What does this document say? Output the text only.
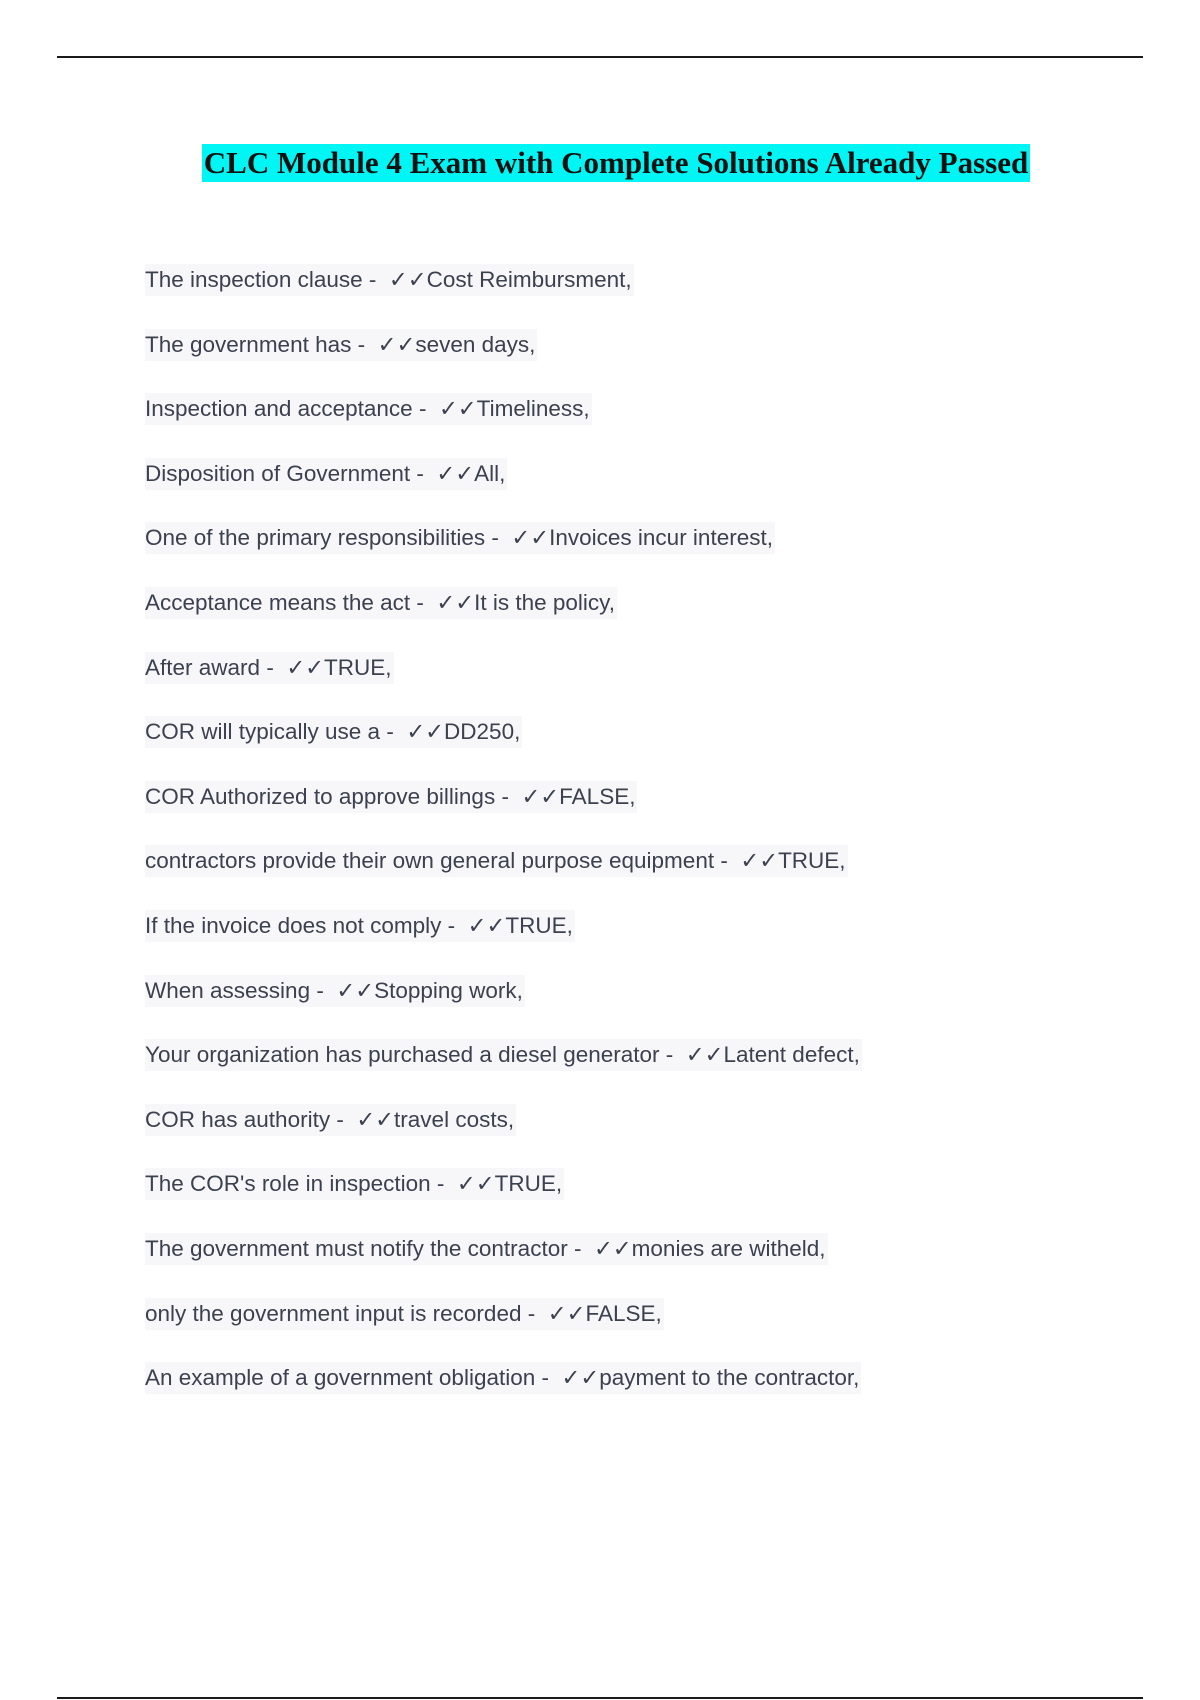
CLC Module 4 Exam with Complete Solutions Already Passed
The inspection clause -  ✓✓Cost Reimbursment,
The government has -  ✓✓seven days,
Inspection and acceptance -  ✓✓Timeliness,
Disposition of Government -  ✓✓All,
One of the primary responsibilities -  ✓✓Invoices incur interest,
Acceptance means the act -  ✓✓It is the policy,
After award -  ✓✓TRUE,
COR will typically use a -  ✓✓DD250,
COR Authorized to approve billings -  ✓✓FALSE,
contractors provide their own general purpose equipment -  ✓✓TRUE,
If the invoice does not comply -  ✓✓TRUE,
When assessing -  ✓✓Stopping work,
Your organization has purchased a diesel generator -  ✓✓Latent defect,
COR has authority -  ✓✓travel costs,
The COR's role in inspection -  ✓✓TRUE,
The government must notify the contractor -  ✓✓monies are witheld,
only the government input is recorded -  ✓✓FALSE,
An example of a government obligation -  ✓✓payment to the contractor,
